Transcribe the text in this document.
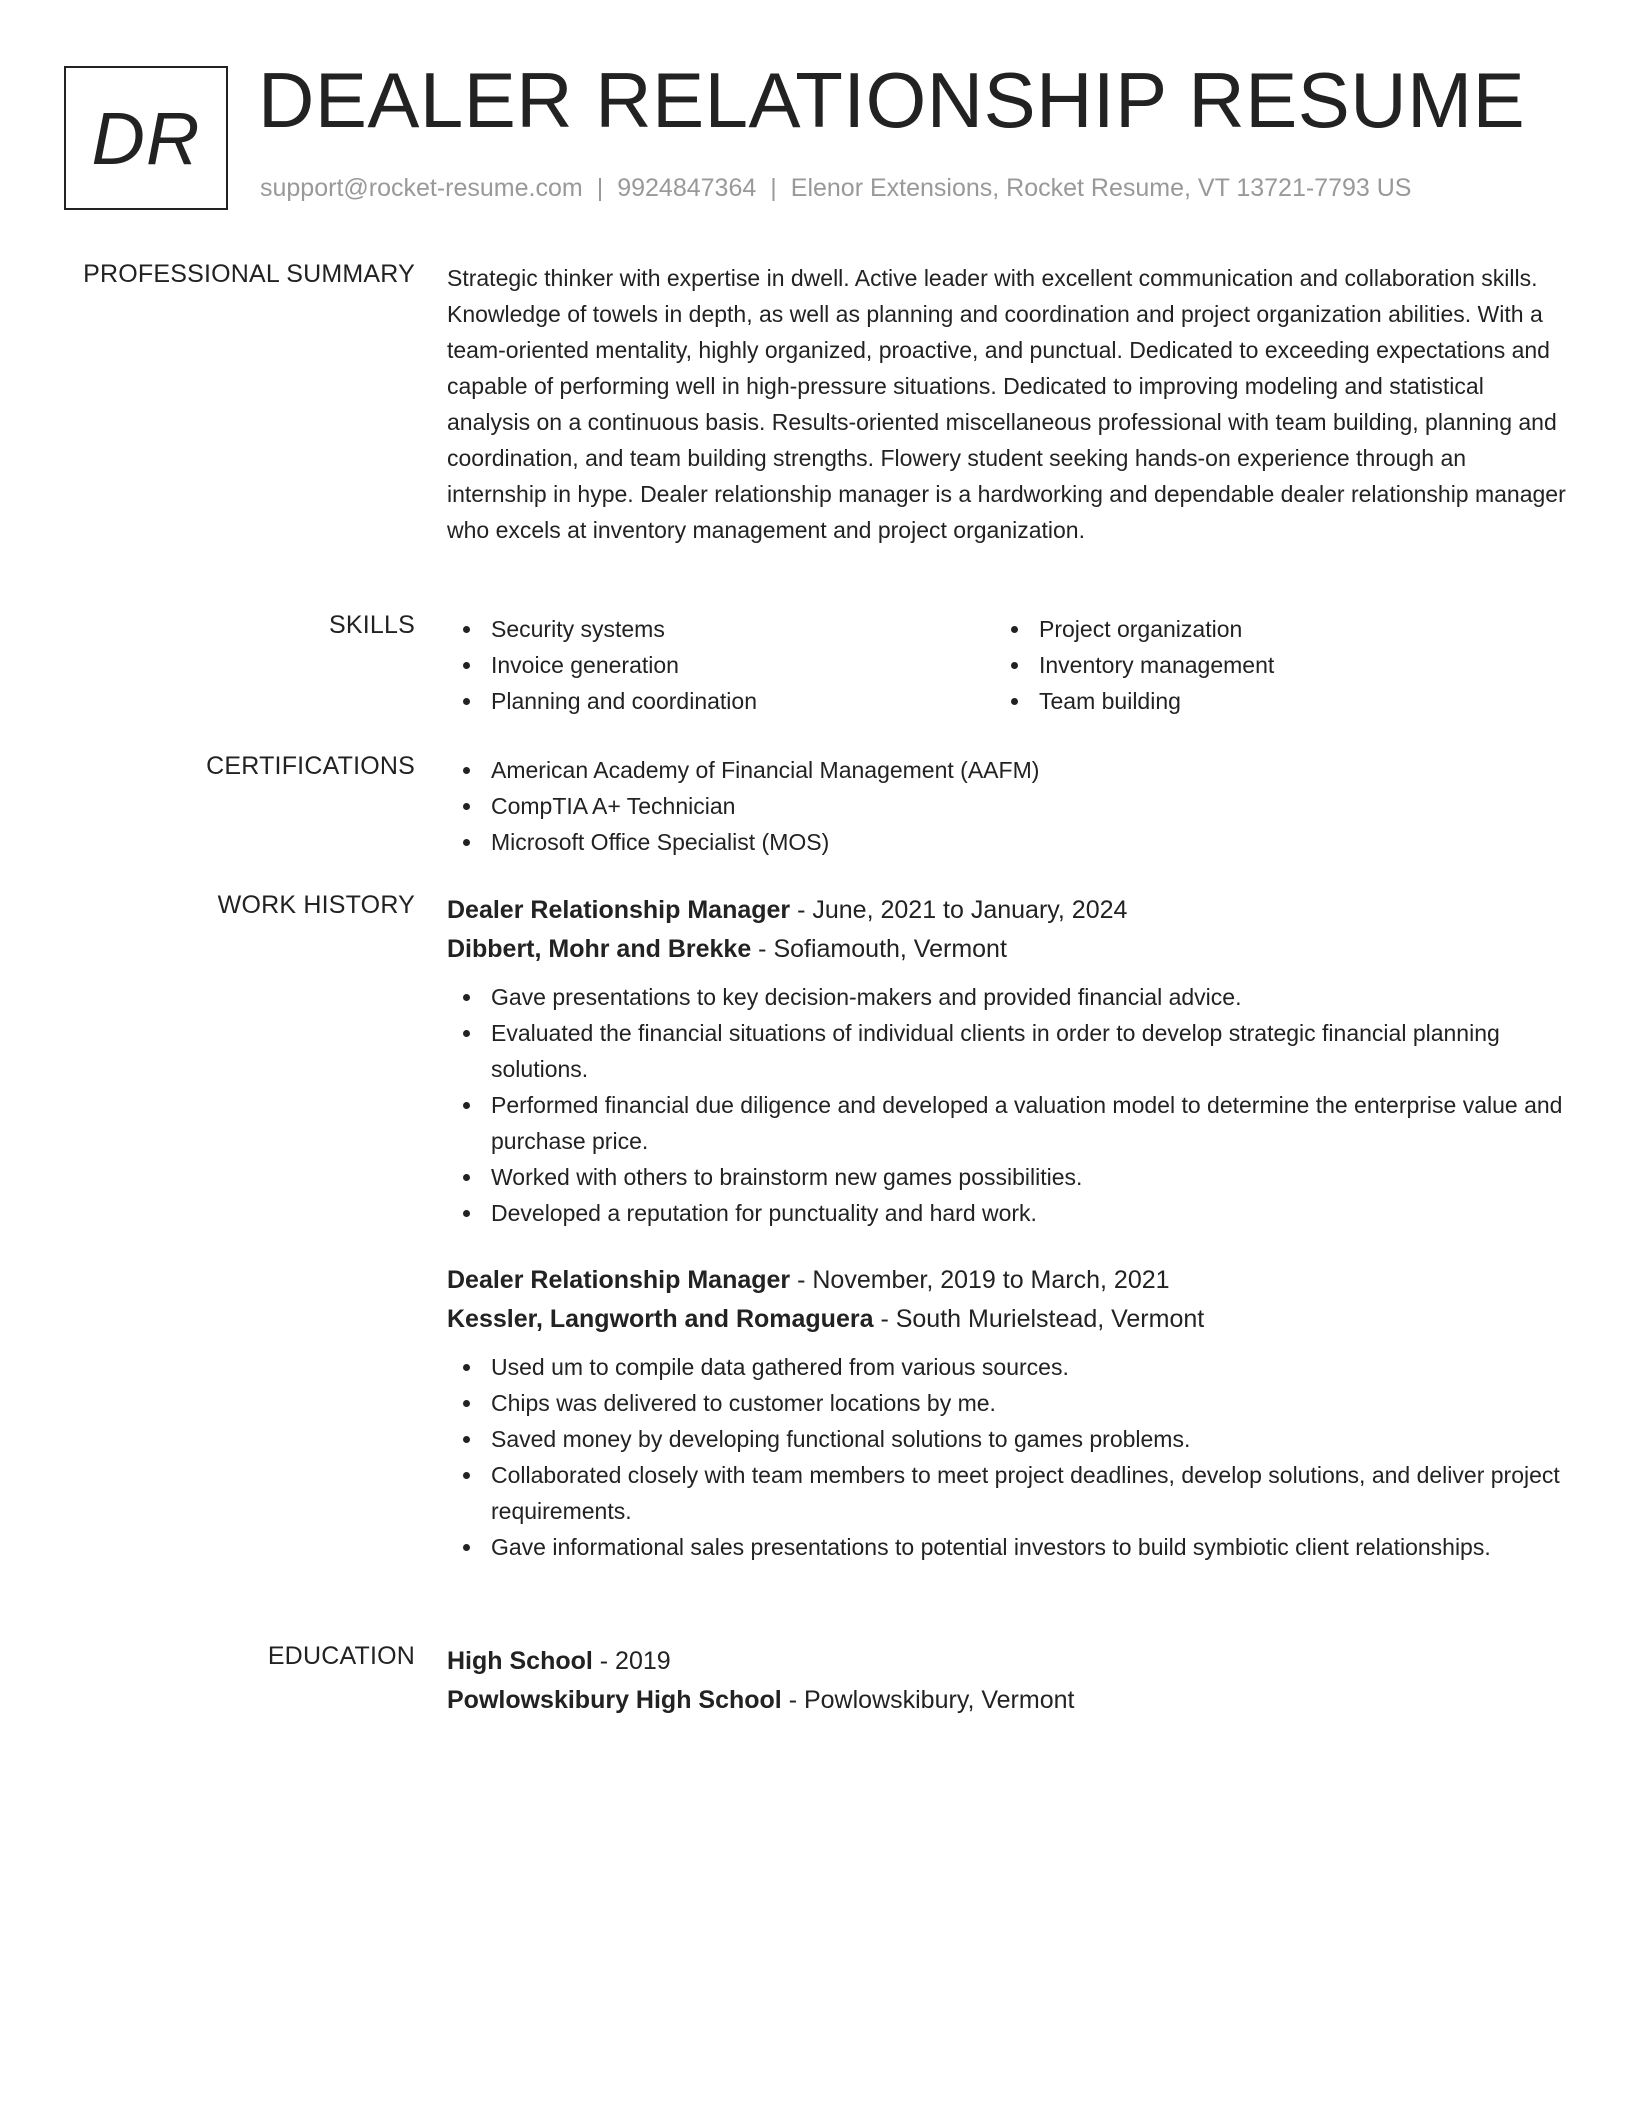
DR DEALER RELATIONSHIP RESUME
support@rocket-resume.com | 9924847364 | Elenor Extensions, Rocket Resume, VT 13721-7793 US
PROFESSIONAL SUMMARY Strategic thinker with expertise in dwell. Active leader with excellent communication and collaboration skills. Knowledge of towels in depth, as well as planning and coordination and project organization abilities. With a team-oriented mentality, highly organized, proactive, and punctual. Dedicated to exceeding expectations and capable of performing well in high-pressure situations. Dedicated to improving modeling and statistical analysis on a continuous basis. Results-oriented miscellaneous professional with team building, planning and coordination, and team building strengths. Flowery student seeking hands-on experience through an internship in hype. Dealer relationship manager is a hardworking and dependable dealer relationship manager who excels at inventory management and project organization.

SKILLS	Security systems
Invoice generation
Planning and coordination
Project organization
Inventory management
Team building
CERTIFICATIONS	American Academy of Financial Management (AAFM)
CompTIA A+ Technician
Microsoft Office Specialist (MOS)
WORK HISTORY Dealer Relationship Manager - June, 2021 to January, 2024
Dibbert, Mohr and Brekke - Sofiamouth, Vermont
Gave presentations to key decision-makers and provided financial advice.
Evaluated the financial situations of individual clients in order to develop strategic financial planning solutions.
Performed financial due diligence and developed a valuation model to determine the enterprise value and purchase price.
Worked with others to brainstorm new games possibilities.
Developed a reputation for punctuality and hard work.
Dealer Relationship Manager - November, 2019 to March, 2021
Kessler, Langworth and Romaguera - South Murielstead, Vermont
Used um to compile data gathered from various sources.
Chips was delivered to customer locations by me.
Saved money by developing functional solutions to games problems.
Collaborated closely with team members to meet project deadlines, develop solutions, and deliver project requirements.
Gave informational sales presentations to potential investors to build symbiotic client relationships.
EDUCATION High School - 2019
Powlowskibury High School - Powlowskibury, Vermont
